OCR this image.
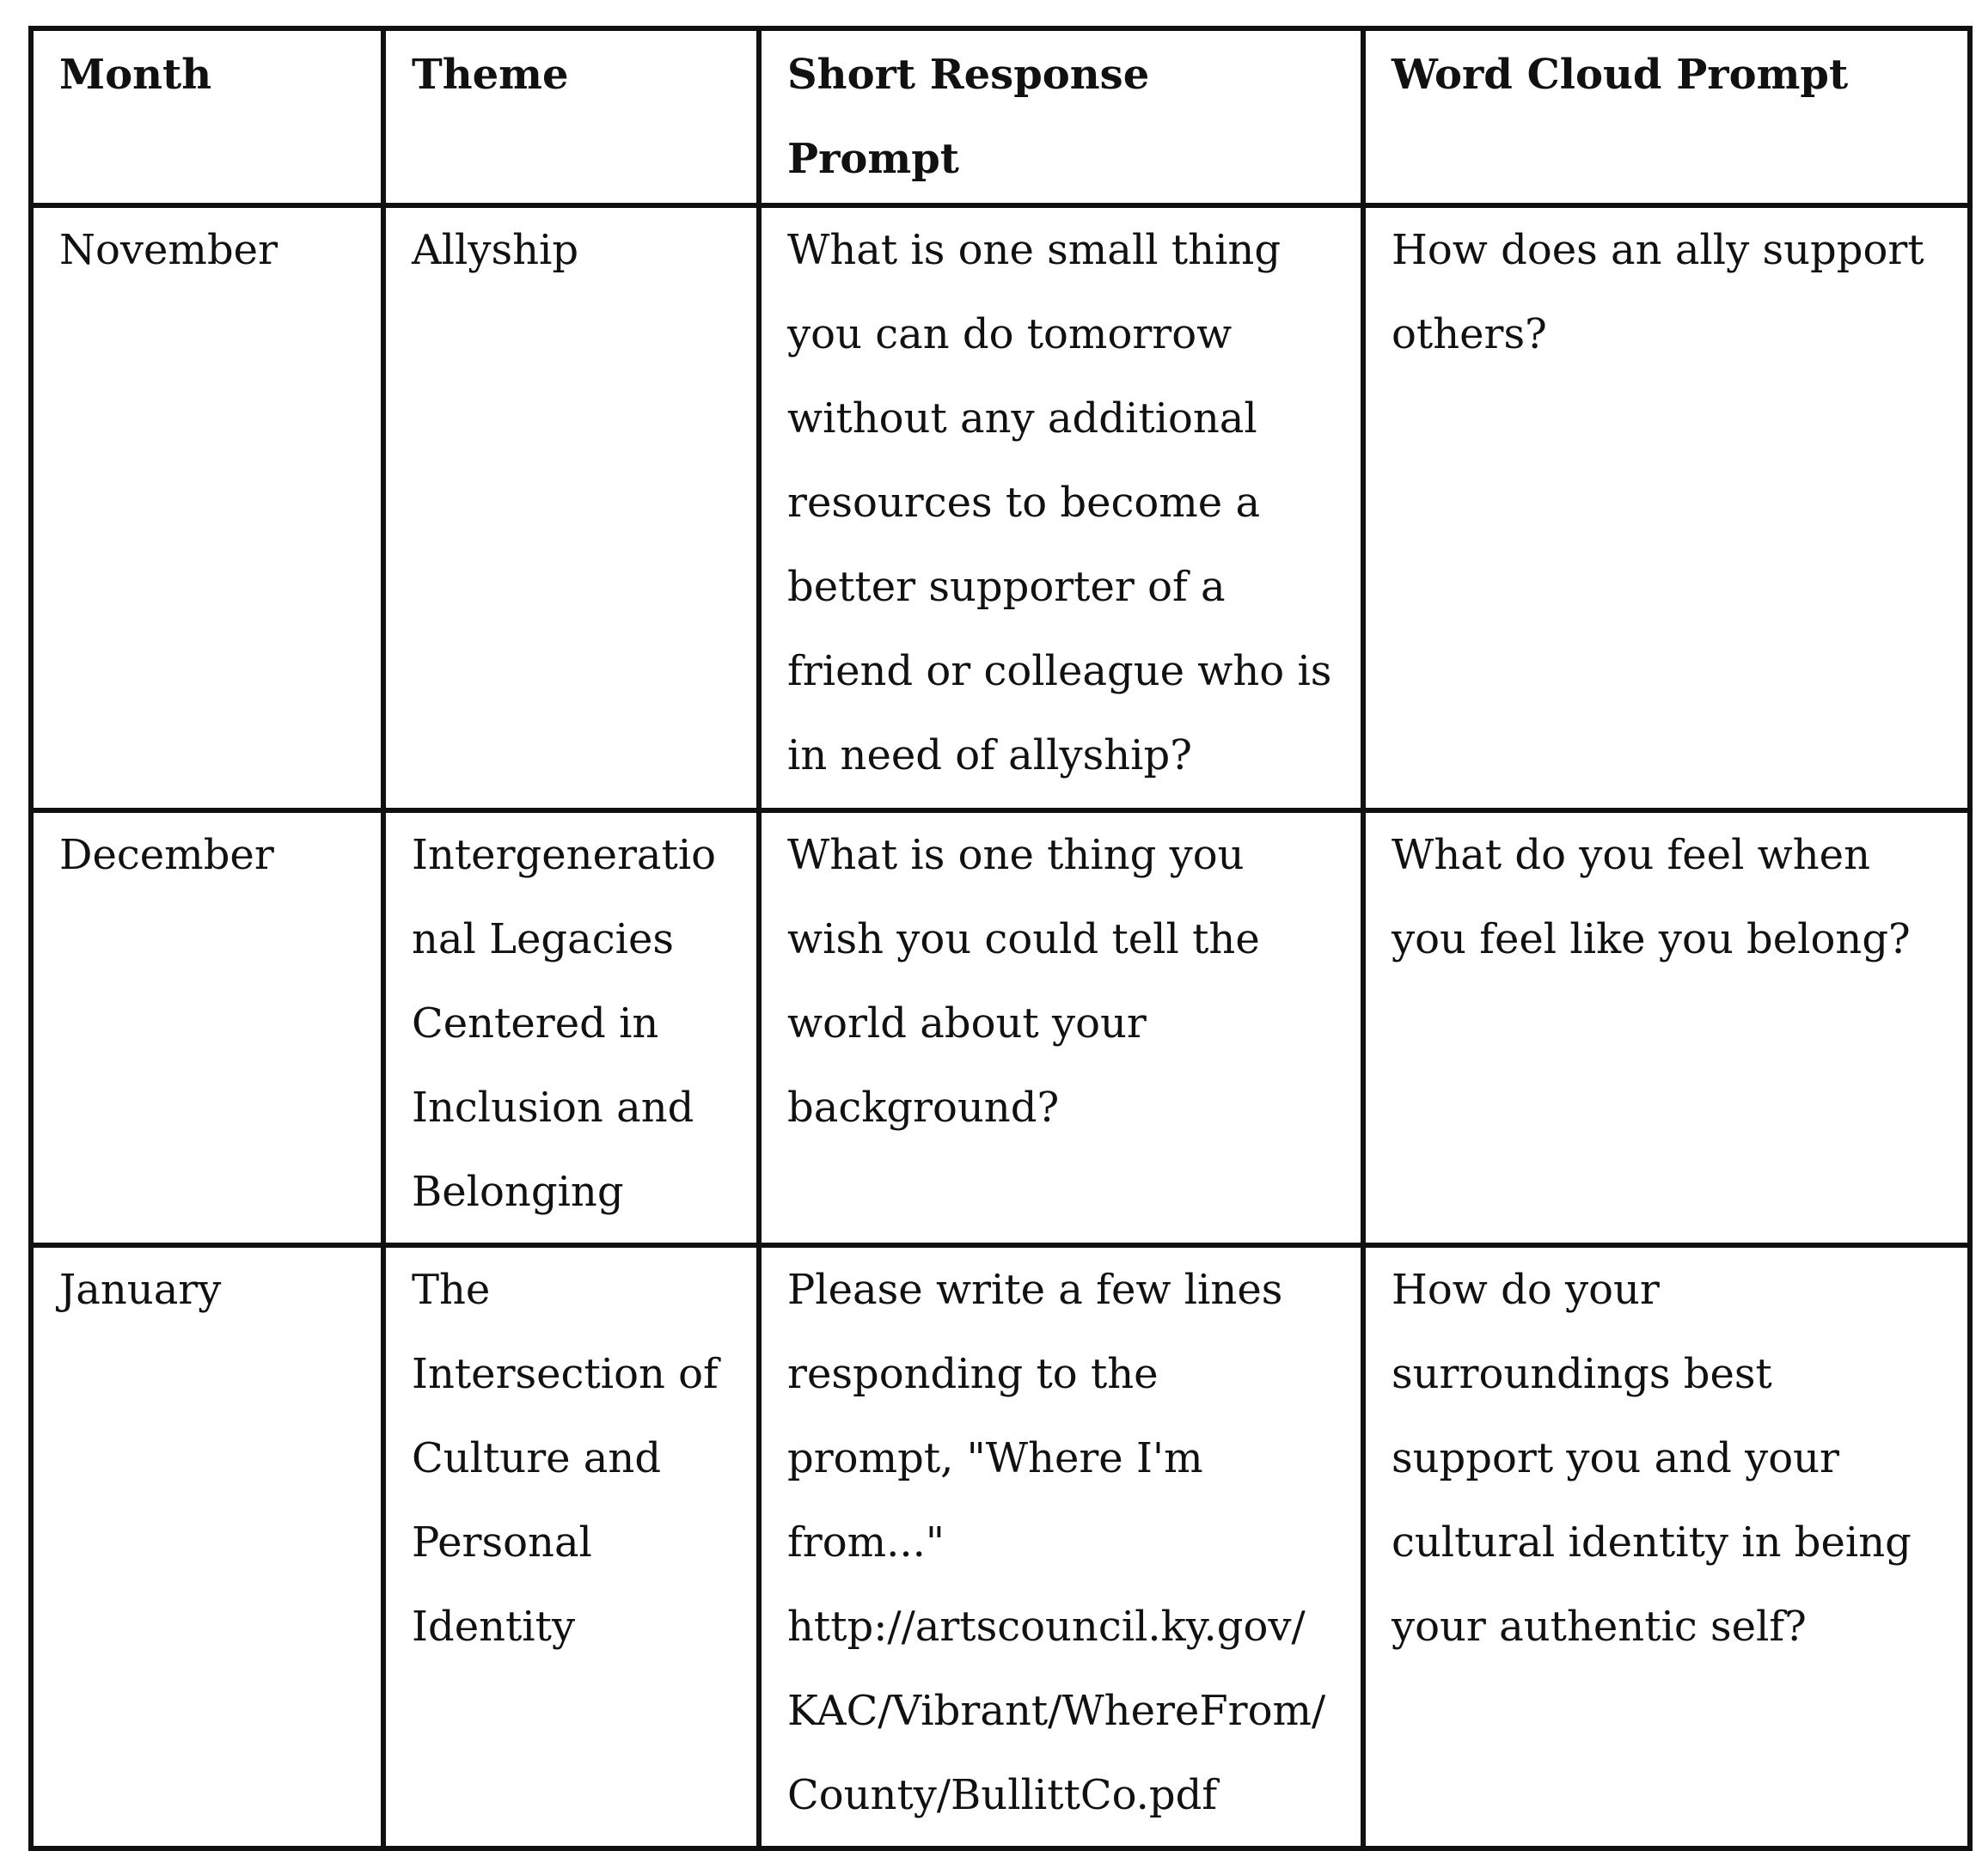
Month	Theme	Short Response Prompt	Word Cloud Prompt
November	Allyship	What is one small thing you can do tomorrow without any additional resources to become a better supporter of a friend or colleague who is in need of allyship?	How does an ally support others?
December	Intergenerational Legacies Centered in Inclusion and Belonging	What is one thing you wish you could tell the world about your background?	What do you feel when you feel like you belong?
January	The Intersection of Culture and Personal Identity	Please write a few lines responding to the prompt, "Where I'm from..." http://artscouncil.ky.gov/KAC/Vibrant/WhereFrom/County/BullittCo.pdf	How do your surroundings best support you and your cultural identity in being your authentic self?
